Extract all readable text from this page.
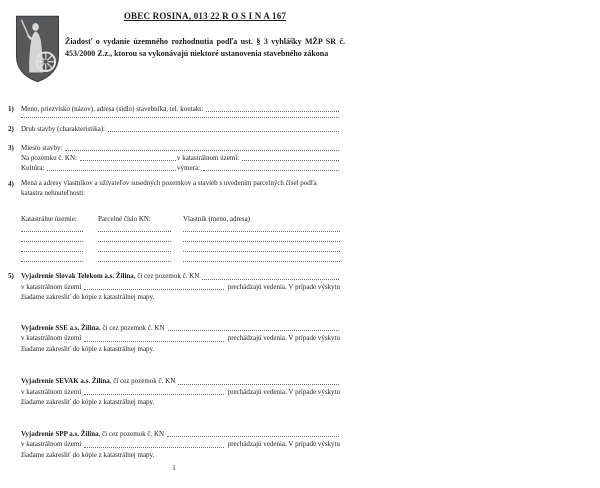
OBEC ROSINA, 013 22 R O S I N A 167
Žiadosť o vydanie územného rozhodnutia podľa ust. § 3 vyhlášky MŽP SR č. 453/2000 Z.z., ktorou sa vykonávajú niektoré ustanovenia stavebného zákona
1)	Meno, priezvisko (názov), adresa (sídlo) stavebníka, tel. kontakt:
2)	Druh stavby (charakteristika):
3)	Miesto stavby:
Na pozemku č. KN:	v katastrálnom území:
Kultúra:	výmera:
4)	Mená a adresy vlastníkov a užívateľov susedných pozemkov a stavieb s uvedením parcelných čísel podľa katastra nehnuteľností:
Katastrálne územie:	Parcelné číslo KN:	Vlastník (meno, adresa)
5)	Vyjadrenie Slovak Telekom a.s. Žilina , či cez pozemok č. KN
v katastrálnom území	prechádzajú vedenia. V prípade výskytu
žiadame zakresliť do kópie z katastrálnej mapy.
Vyjadrenie SSE a.s. Žilina , či cez pozemok č. KN
v katastrálnom území	prechádzajú vedenia. V prípade výskytu
žiadame zakresliť do kópie z katastrálnej mapy.
Vyjadrenie SEVAK a.s. Žilina , či cez pozemok č. KN
v katastrálnom území	prechádzajú vedenia. V prípade výskytu
žiadame zakresliť do kópie z katastrálnej mapy.
Vyjadrenie SPP a.s. Žilina , či cez pozemok č. KN
v katastrálnom území	prechádzajú vedenia. V prípade výskytu
žiadame zakresliť do kópie z katastrálnej mapy.
1
